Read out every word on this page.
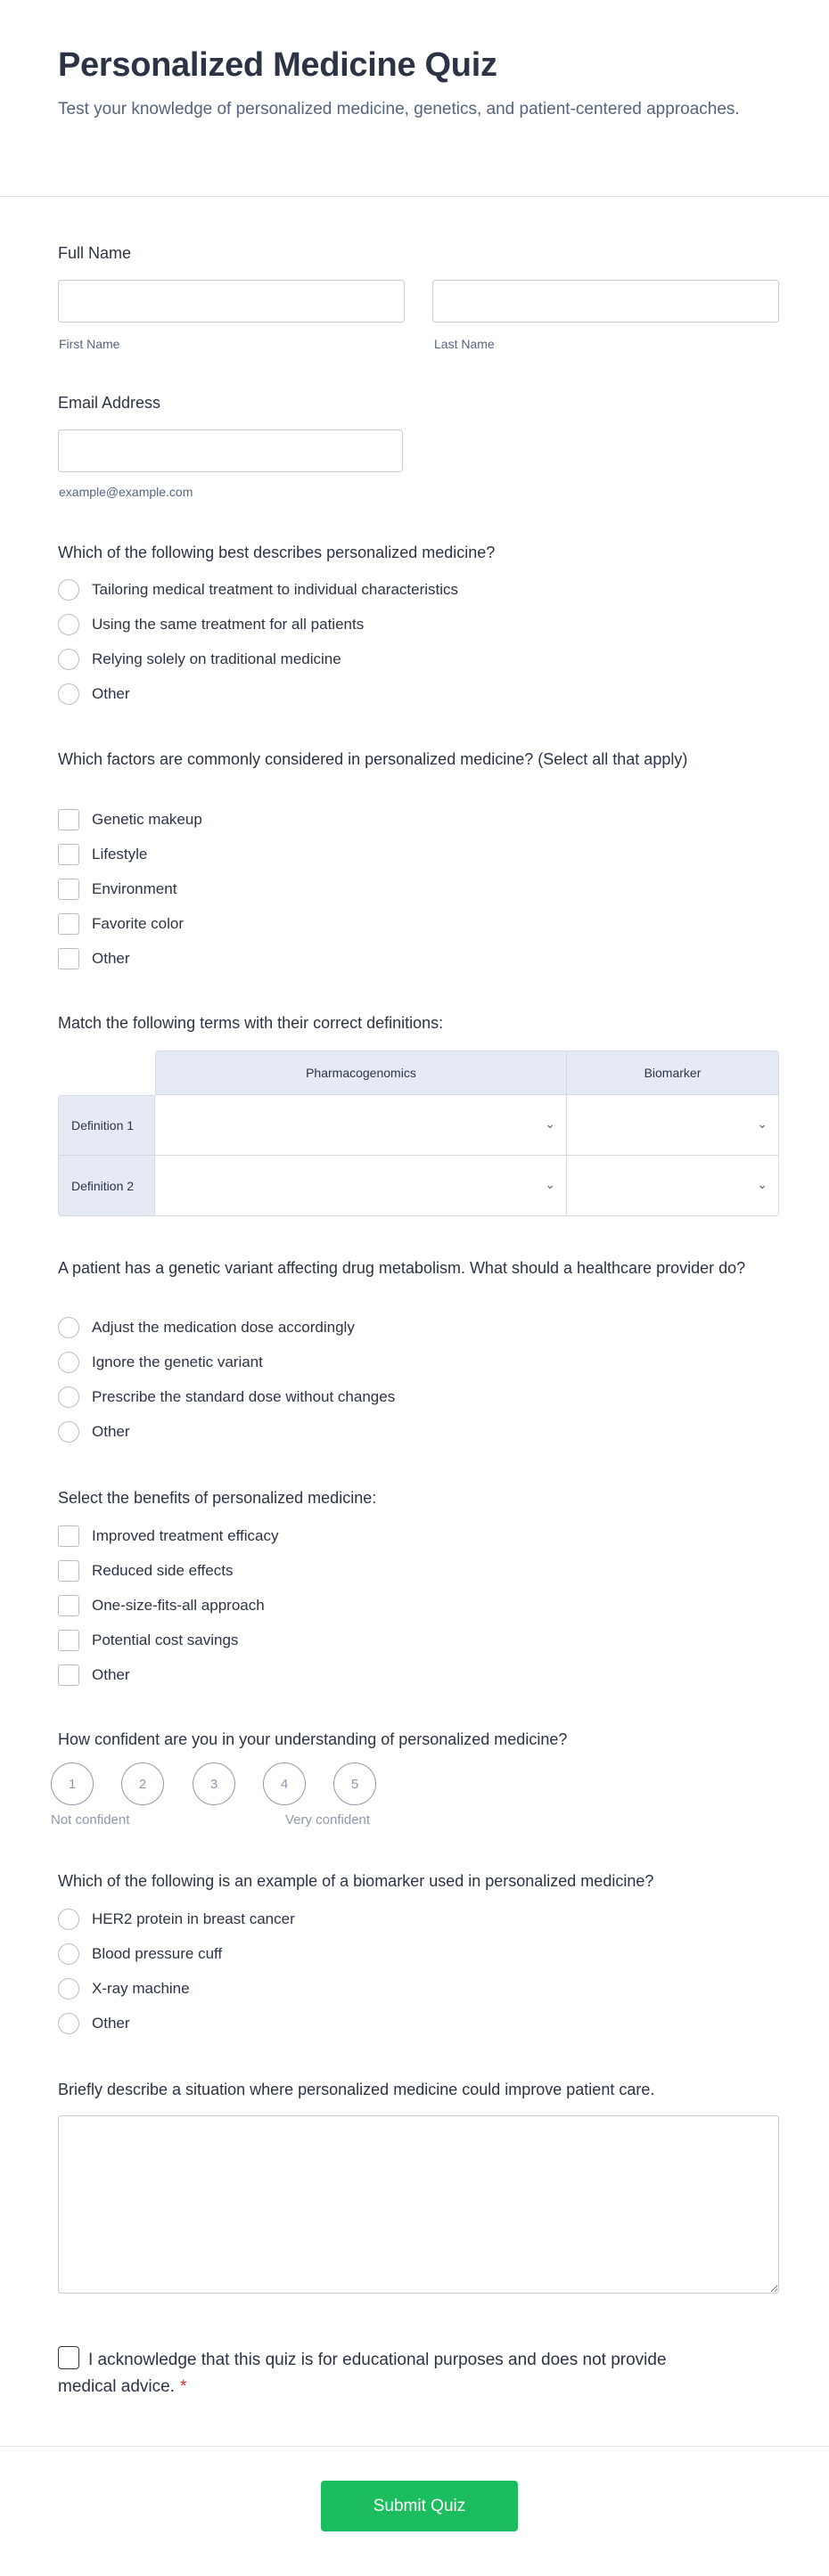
Personalized Medicine Quiz

Test your knowledge of personalized medicine, genetics, and patient-centered approaches.

Full Name
First Name	Last Name
Email Address
example@example.com
Which of the following best describes personalized medicine?
Tailoring medical treatment to individual characteristics
Using the same treatment for all patients
Relying solely on traditional medicine
Other
Which factors are commonly considered in personalized medicine? (Select all that apply)
Genetic makeup
Lifestyle
Environment
Favorite color
Other
Match the following terms with their correct definitions:
	Pharmacogenomics	Biomarker
Definition 1	⌄	⌄

Definition 2	⌄	⌄
A patient has a genetic variant affecting drug metabolism. What should a healthcare provider do?
Adjust the medication dose accordingly
Ignore the genetic variant
Prescribe the standard dose without changes
Other
Select the benefits of personalized medicine:
Improved treatment efficacy
Reduced side effects
One-size-fits-all approach
Potential cost savings
Other
How confident are you in your understanding of personalized medicine?
1	2	3	4	5
Not confident	Very confident
Which of the following is an example of a biomarker used in personalized medicine?
HER2 protein in breast cancer
Blood pressure cuff
X-ray machine
Other
Briefly describe a situation where personalized medicine could improve patient care.
I acknowledge that this quiz is for educational purposes and does not provide medical advice. *
Submit Quiz
